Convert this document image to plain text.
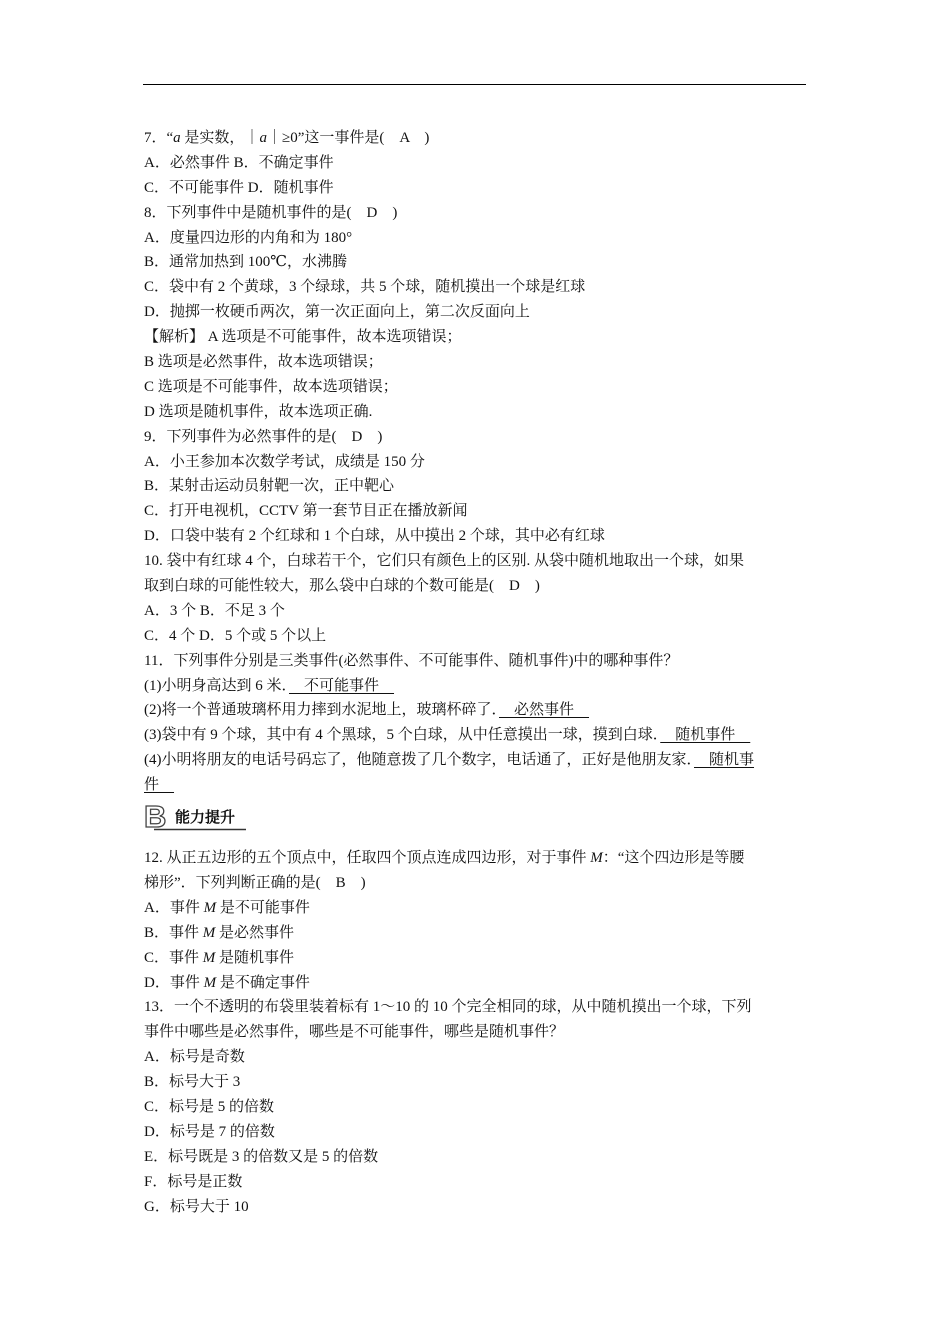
7．“a 是实数，｜a｜≥0”这一事件是(　A　)
A．必然事件 B．不确定事件
C．不可能事件 D．随机事件
8．下列事件中是随机事件的是(　D　)
A．度量四边形的内角和为 180°
B．通常加热到 100℃，水沸腾
C．袋中有 2 个黄球，3 个绿球，共 5 个球，随机摸出一个球是红球
D．抛掷一枚硬币两次，第一次正面向上，第二次反面向上
【解析】 A 选项是不可能事件，故本选项错误；
B 选项是必然事件，故本选项错误；
C 选项是不可能事件，故本选项错误；
D 选项是随机事件，故本选项正确.
9．下列事件为必然事件的是(　D　)
A．小王参加本次数学考试，成绩是 150 分
B．某射击运动员射靶一次，正中靶心
C．打开电视机，CCTV 第一套节目正在播放新闻
D．口袋中装有 2 个红球和 1 个白球，从中摸出 2 个球，其中必有红球
10. 袋中有红球 4 个，白球若干个，它们只有颜色上的区别. 从袋中随机地取出一个球，如果
取到白球的可能性较大，那么袋中白球的个数可能是(　D　)
A．3 个 B．不足 3 个
C．4 个 D．5 个或 5 个以上
11．下列事件分别是三类事件(必然事件、不可能事件、随机事件)中的哪种事件？
(1)小明身高达到 6 米．　不可能事件　
(2)将一个普通玻璃杯用力摔到水泥地上，玻璃杯碎了．　必然事件　
(3)袋中有 9 个球，其中有 4 个黑球，5 个白球，从中任意摸出一球，摸到白球．　随机事件　
(4)小明将朋友的电话号码忘了，他随意拨了几个数字，电话通了，正好是他朋友家．　随机事
件　
B 能力提升
12. 从正五边形的五个顶点中，任取四个顶点连成四边形，对于事件 M：“这个四边形是等腰
梯形”．下列判断正确的是(　B　)
A．事件 M 是不可能事件
B．事件 M 是必然事件
C．事件 M 是随机事件
D．事件 M 是不确定事件
13．一个不透明的布袋里装着标有 1～10 的 10 个完全相同的球，从中随机摸出一个球，下列
事件中哪些是必然事件，哪些是不可能事件，哪些是随机事件？
A．标号是奇数
B．标号大于 3
C．标号是 5 的倍数
D．标号是 7 的倍数
E．标号既是 3 的倍数又是 5 的倍数
F．标号是正数
G．标号大于 10
